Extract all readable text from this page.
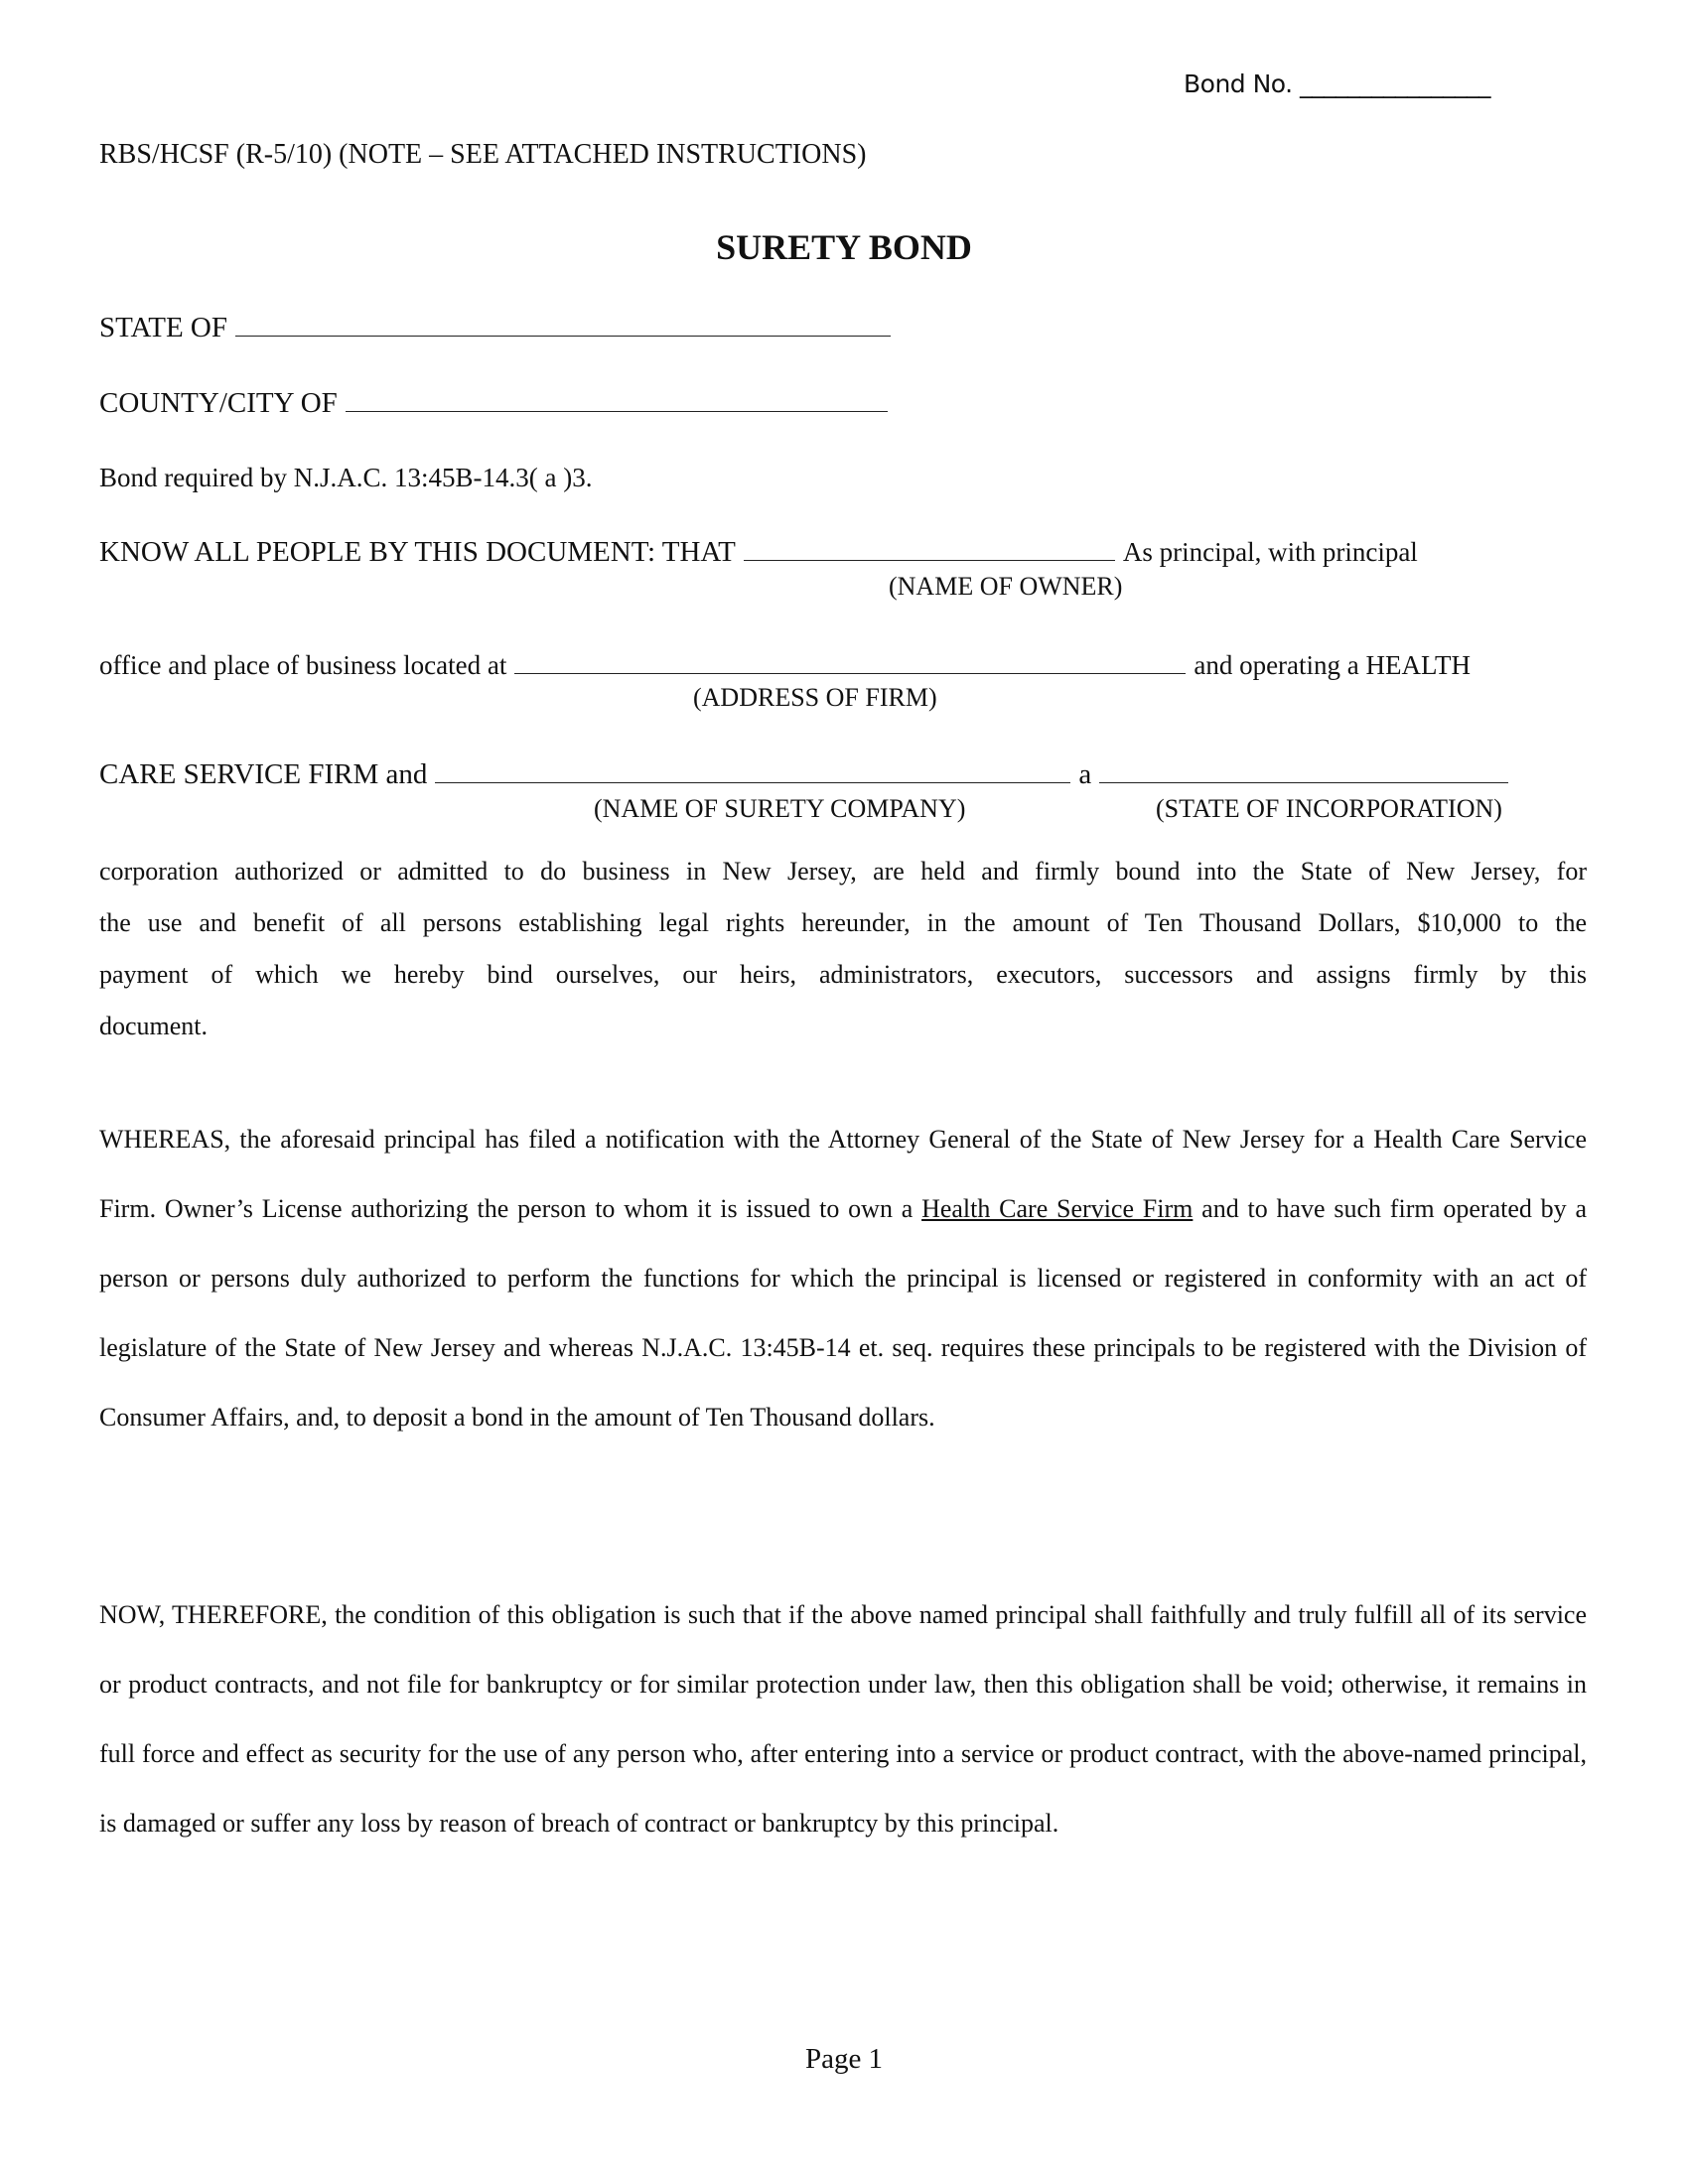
Bond No. ________________
RBS/HCSF (R-5/10) (NOTE – SEE ATTACHED INSTRUCTIONS)
SURETY BOND
STATE OF
COUNTY/CITY OF
Bond required by N.J.A.C. 13:45B-14.3( a )3.
KNOW ALL PEOPLE BY THIS DOCUMENT: THAT	As principal, with principal
(NAME OF OWNER)
office and place of business located at	and operating a HEALTH
(ADDRESS OF FIRM)
CARE SERVICE FIRM and	a
(NAME OF SURETY COMPANY)	(STATE OF INCORPORATION)
corporation authorized or admitted to do business in New Jersey, are held and firmly bound into the State of New Jersey, for
the use and benefit of all persons establishing legal rights hereunder, in the amount of Ten Thousand Dollars, $10,000 to the
payment of which we hereby bind ourselves, our heirs, administrators, executors, successors and assigns firmly by this
document.
WHEREAS, the aforesaid principal has filed a notification with the Attorney General of the State of New Jersey for a Health Care Service Firm. Owner’s License authorizing the person to whom it is issued to own a Health Care Service Firm and to have such firm operated by a person or persons duly authorized to perform the functions for which the principal is licensed or registered in conformity with an act of legislature of the State of New Jersey and whereas N.J.A.C. 13:45B-14 et. seq. requires these principals to be registered with the Division of Consumer Affairs, and, to deposit a bond in the amount of Ten Thousand dollars.
NOW, THEREFORE, the condition of this obligation is such that if the above named principal shall faithfully and truly fulfill all of its service or product contracts, and not file for bankruptcy or for similar protection under law, then this obligation shall be void; otherwise, it remains in full force and effect as security for the use of any person who, after entering into a service or product contract, with the above-named principal, is damaged or suffer any loss by reason of breach of contract or bankruptcy by this principal.
Page 1
